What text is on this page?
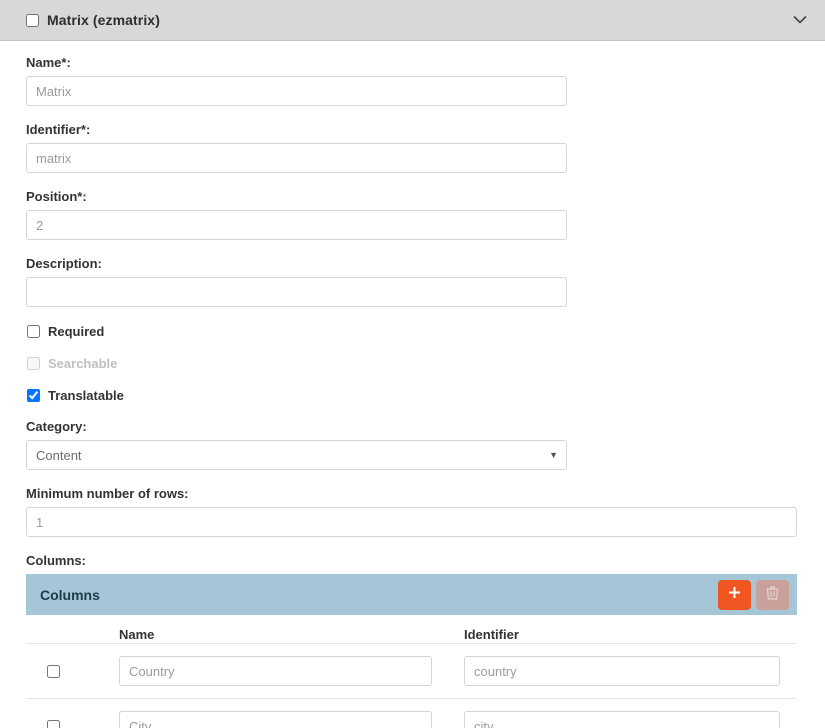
Matrix (ezmatrix)
Name*:
Matrix
Identifier*:
matrix
Position*:
2
Description:
Required
Searchable
Translatable
Category:
Content	▼
Minimum number of rows:
1
Columns:
Columns
Name	Identifier
Country
country
City
city
